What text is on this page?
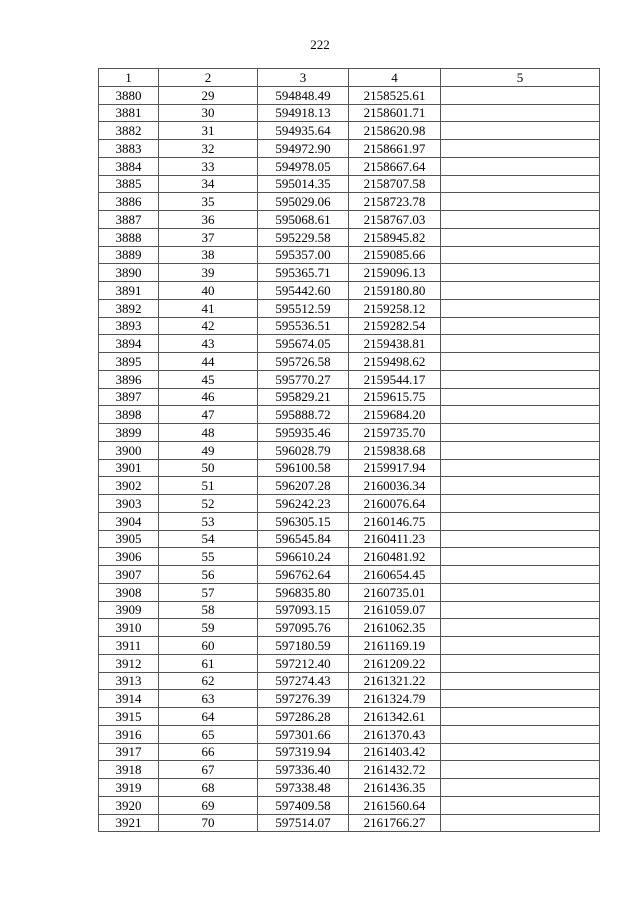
222
1	2	3	4	5
3880	29	594848.49	2158525.61	
3881	30	594918.13	2158601.71	
3882	31	594935.64	2158620.98	
3883	32	594972.90	2158661.97	
3884	33	594978.05	2158667.64	
3885	34	595014.35	2158707.58	
3886	35	595029.06	2158723.78	
3887	36	595068.61	2158767.03	
3888	37	595229.58	2158945.82	
3889	38	595357.00	2159085.66	
3890	39	595365.71	2159096.13	
3891	40	595442.60	2159180.80	
3892	41	595512.59	2159258.12	
3893	42	595536.51	2159282.54	
3894	43	595674.05	2159438.81	
3895	44	595726.58	2159498.62	
3896	45	595770.27	2159544.17	
3897	46	595829.21	2159615.75	
3898	47	595888.72	2159684.20	
3899	48	595935.46	2159735.70	
3900	49	596028.79	2159838.68	
3901	50	596100.58	2159917.94	
3902	51	596207.28	2160036.34	
3903	52	596242.23	2160076.64	
3904	53	596305.15	2160146.75	
3905	54	596545.84	2160411.23	
3906	55	596610.24	2160481.92	
3907	56	596762.64	2160654.45	
3908	57	596835.80	2160735.01	
3909	58	597093.15	2161059.07	
3910	59	597095.76	2161062.35	
3911	60	597180.59	2161169.19	
3912	61	597212.40	2161209.22	
3913	62	597274.43	2161321.22	
3914	63	597276.39	2161324.79	
3915	64	597286.28	2161342.61	
3916	65	597301.66	2161370.43	
3917	66	597319.94	2161403.42	
3918	67	597336.40	2161432.72	
3919	68	597338.48	2161436.35	
3920	69	597409.58	2161560.64	
3921	70	597514.07	2161766.27	
